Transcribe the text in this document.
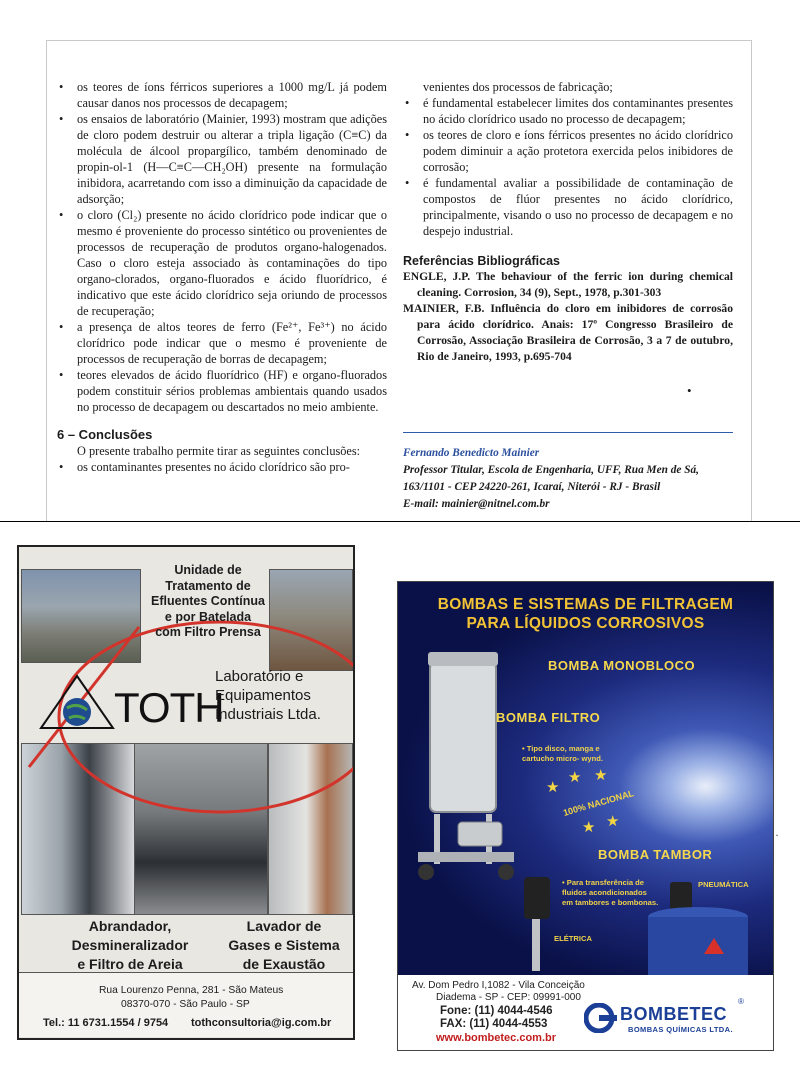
• os teores de íons férricos superiores a 1000 mg/L já podem causar danos nos processos de decapagem;
• os ensaios de laboratório (Mainier, 1993) mostram que adições de cloro podem destruir ou alterar a tripla ligação (C≡C) da molécula de álcool propargílico, também denominado de propin-ol-1 (H—C≡C—CH₂OH) presente na formulação inibidora, acarretando com isso a diminuição da capacidade de adsorção;
• o cloro (Cl₂) presente no ácido clorídrico pode indicar que o mesmo é proveniente do processo sintético ou provenientes de processos de recuperação de produtos organo-halogenados. Caso o cloro esteja associado às contaminações do tipo organo-clorados, organo-fluorados e ácido fluorídrico, é indicativo que este ácido clorídrico seja oriundo de processos de recuperação;
• a presença de altos teores de ferro (Fe²⁺, Fe³⁺) no ácido clorídrico pode indicar que o mesmo é proveniente de processos de recuperação de borras de decapagem;
• teores elevados de ácido fluorídrico (HF) e organo-fluorados podem constituir sérios problemas ambientais quando usados no processo de decapagem ou descartados no meio ambiente.
6 – Conclusões
O presente trabalho permite tirar as seguintes conclusões:
• os contaminantes presentes no ácido clorídrico são pro-
venientes dos processos de fabricação;
• é fundamental estabelecer limites dos contaminantes presentes no ácido clorídrico usado no processo de decapagem;
• os teores de cloro e íons férricos presentes no ácido clorídrico podem diminuir a ação protetora exercida pelos inibidores de corrosão;
• é fundamental avaliar a possibilidade de contaminação de compostos de flúor presentes no ácido clorídrico, principalmente, visando o uso no processo de decapagem e no despejo industrial.
Referências Bibliográficas
ENGLE, J.P. The behaviour of the ferric ion during chemical cleaning. Corrosion, 34 (9), Sept., 1978, p.301-303
MAINIER, F.B. Influência do cloro em inibidores de corrosão para ácido clorídrico. Anais: 17º Congresso Brasileiro de Corrosão, Associação Brasileira de Corrosão, 3 a 7 de outubro, Rio de Janeiro, 1993, p.695-704
•
Fernando Benedicto Mainier
Professor Titular, Escola de Engenharia, UFF, Rua Men de Sá,
163/1101 - CEP 24220-261, Icaraí, Niterói - RJ - Brasil
E-mail: mainier@nitnel.com.br
·
Unidade de
Tratamento de
Efluentes Contínua
e por Batelada
com Filtro Prensa
TOTH
Laboratório e
Equipamentos
Industriais Ltda.
Abrandador,
Desmineralizador
e Filtro de Areia
Lavador de
Gases e Sistema
de Exaustão
Rua Lourenzo Penna, 281 - São Mateus
08370-070 - São Paulo - SP
Tel.: 11 6731.1554 / 9754 tothconsultoria@ig.com.br
BOMBAS E SISTEMAS DE FILTRAGEM
PARA LÍQUIDOS CORROSIVOS
BOMBA MONOBLOCO
BOMBA FILTRO
• Tipo disco, manga e
cartucho micro- wynd.
★
★ ★
★
★
100% NACIONAL
BOMBA TAMBOR
• Para transferência de
fluidos acondicionados
em tambores e bombonas.
PNEUMÁTICA
ELÉTRICA
Av. Dom Pedro I,1082 - Vila Conceição
Diadema - SP - CEP: 09991-000
Fone: (11) 4044-4546
FAX: (11) 4044-4553
www.bombetec.com.br
BOMBETEC
®
BOMBAS QUÍMICAS LTDA.
